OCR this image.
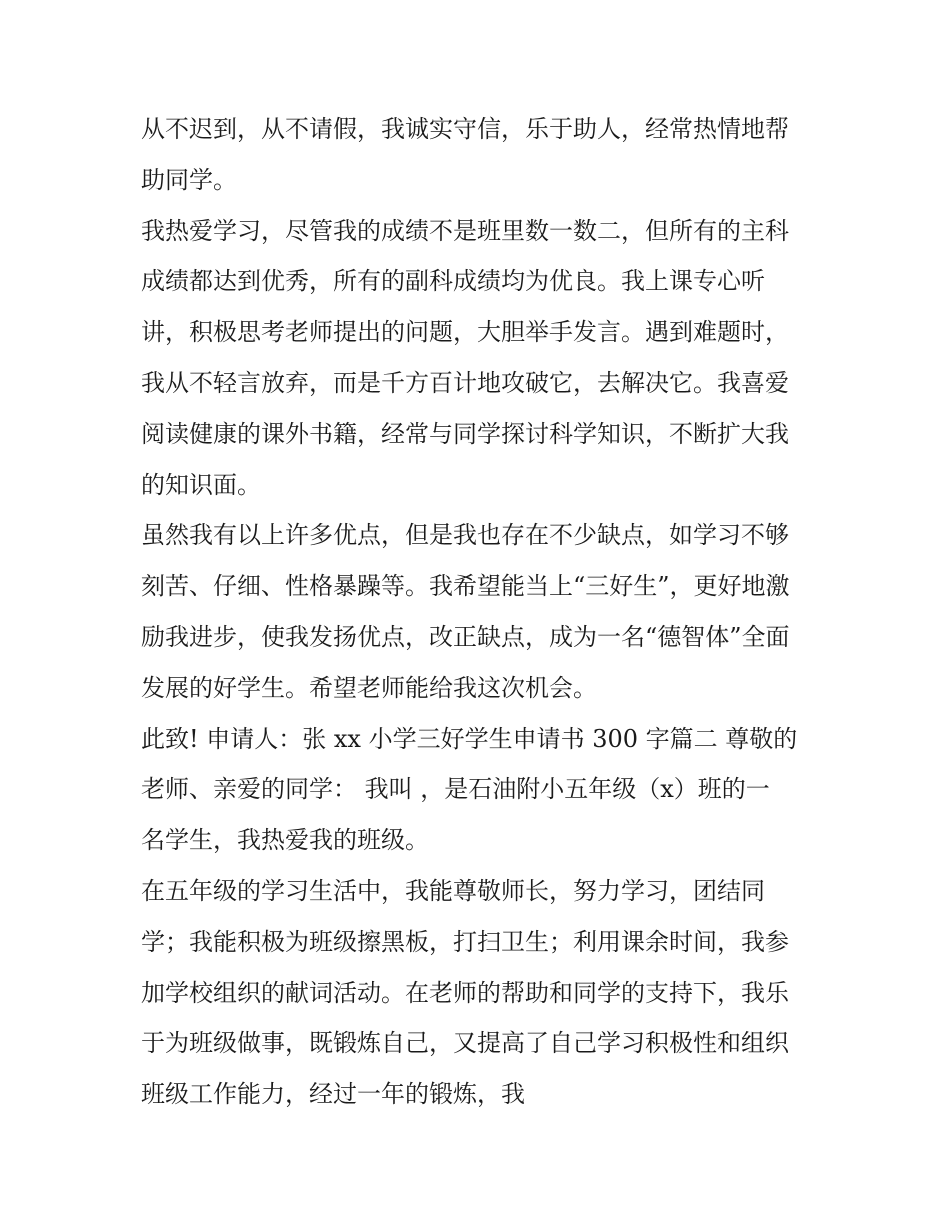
从不迟到，从不请假，我诚实守信，乐于助人，经常热情地帮
助同学。
我热爱学习，尽管我的成绩不是班里数一数二，但所有的主科
成绩都达到优秀，所有的副科成绩均为优良。我上课专心听
讲，积极思考老师提出的问题，大胆举手发言。遇到难题时，
我从不轻言放弃，而是千方百计地攻破它，去解决它。我喜爱
阅读健康的课外书籍，经常与同学探讨科学知识，不断扩大我
的知识面。
虽然我有以上许多优点，但是我也存在不少缺点，如学习不够
刻苦、仔细、性格暴躁等。我希望能当上“三好生”，更好地激
励我进步，使我发扬优点，改正缺点，成为一名“德智体”全面
发展的好学生。希望老师能给我这次机会。
此致! 申请人：张 xx 小学三好学生申请书 300 字篇二 尊敬的
老师、亲爱的同学： 我叫 ，是石油附小五年级（x）班的一
名学生，我热爱我的班级。
在五年级的学习生活中，我能尊敬师长，努力学习，团结同
学；我能积极为班级擦黑板，打扫卫生；利用课余时间，我参
加学校组织的献词活动。在老师的帮助和同学的支持下，我乐
于为班级做事，既锻炼自己，又提高了自己学习积极性和组织
班级工作能力，经过一年的锻炼，我
